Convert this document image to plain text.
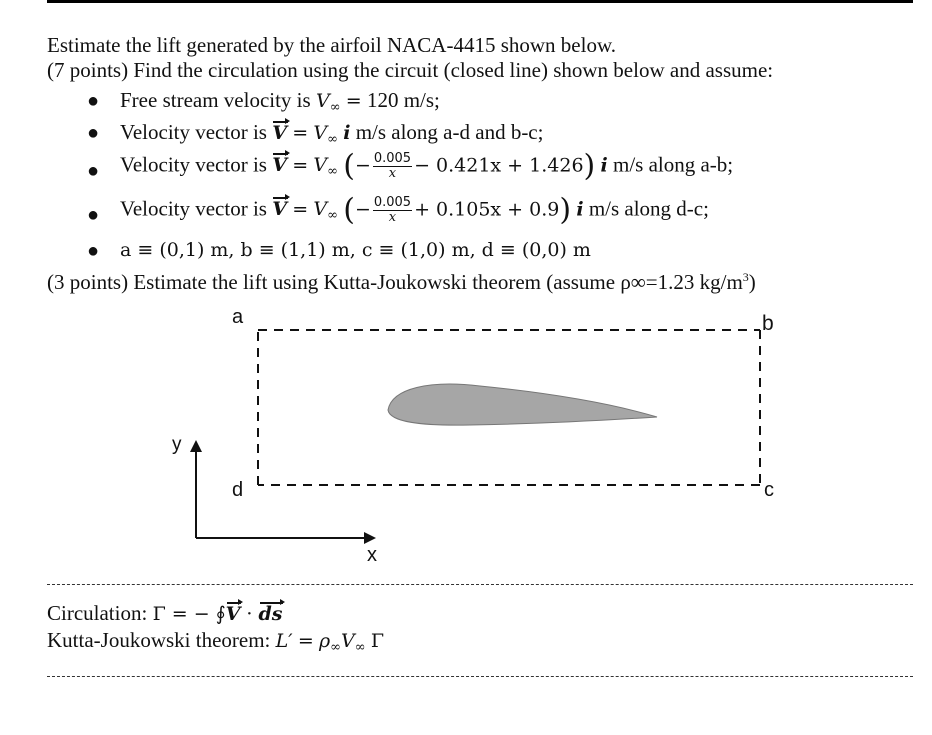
Estimate the lift generated by the airfoil NACA-4415 shown below.
(7 points) Find the circulation using the circuit (closed line) shown below and assume:
● Free stream velocity is $V_\infty = 120$ m/s;
● Velocity vector is $V = V_\infty$ i m/s along a-d and b-c;
● Velocity vector is $V = V_\infty$ (− $\frac{0.005}{x} - 0.421x + 1.426$) i m/s along a-b;
● Velocity vector is $V = V_\infty$ (− $\frac{0.005}{x} + 0.105x + 0.9$) i m/s along d-c;
● a ≡ (0,1) m, b ≡ (1,1) m, c ≡ (1,0) m, d ≡ (0,0) m
(3 points) Estimate the lift using Kutta-Joukowski theorem (assume ρ∞=1.23 $kg/m^3$)
a	b
c
d
y
x
Circulation: Γ = − ∮V · ds
Kutta-Joukowski theorem: $L' = \rho_\infty V_\infty$ Γ
